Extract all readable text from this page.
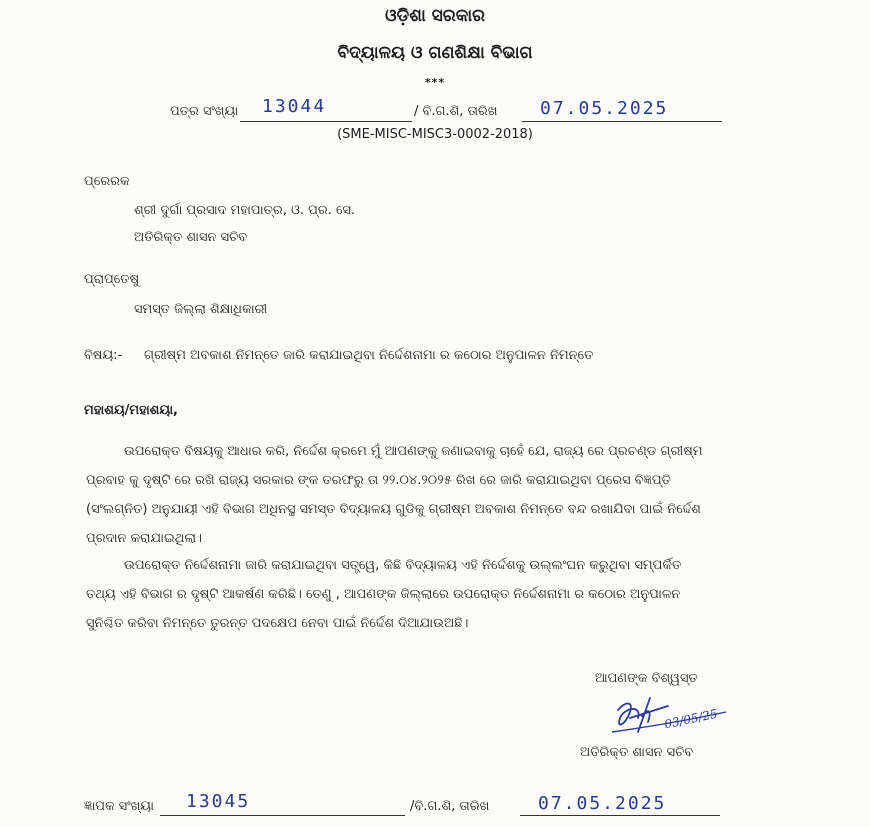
ଓଡ଼ିଶା ସରକାର
ବିଦ୍ୟାଳୟ ଓ ଗଣଶିକ୍ଷା ବିଭାଗ
***
ପତ୍ର ସଂଖ୍ୟା 13044	/ ବି.ଗ.ଶି, ତାରିଖ 07.05.2025
(SME-MISC-MISC3-0002-2018)
ପ୍ରେରକ
ଶ୍ରୀ ଦୁର୍ଗା ପ୍ରସାଦ ମହାପାତ୍ର, ଓ. ପ୍ର. ସେ.
ଅତିରିକ୍ତ ଶାସନ ସଚିବ
ପ୍ରାପ୍ତେଷୁ
ସମସ୍ତ ଜିଲ୍ଲା ଶିକ୍ଷାଧିକାରୀ
ବିଷୟ:- ଗ୍ରୀଷ୍ମ ଅବକାଶ ନିମନ୍ତେ ଜାରି କରାଯାଇଥିବା ନିର୍ଦ୍ଦେଶନାମା ର କଠୋର ଅନୁପାଳନ ନିମନ୍ତେ
ମହାଶୟ/ମହାଶୟା,
ଉପରୋକ୍ତ ବିଷୟକୁ ଆଧାର କରି, ନିର୍ଦ୍ଦେଶ କ୍ରମେ ମୁଁ ଆପଣଙ୍କୁ ଜଣାଇବାକୁ ଚାହେଁ ଯେ, ରାଜ୍ୟ ରେ ପ୍ରଚଣ୍ଡ ଗ୍ରୀଷ୍ମ
ପ୍ରବାହ କୁ ଦୃଷ୍ଟି ରେ ରଖି ରାଜ୍ୟ ସରକାର ଙ୍କ ତରଫରୁ ତା ୨୨.୦୪.୨୦୨୫ ରିଖ ରେ ଜାରି କରାଯାଇଥିବା ପ୍ରେସ ବିଜ୍ଞପ୍ତି
(ସଂଲଗ୍ନିତ) ଅନୁଯାୟୀ ଏହି ବିଭାଗ ଅଧିନସ୍ଥ ସମସ୍ତ ବିଦ୍ୟାଳୟ ଗୁଡିକୁ ଗ୍ରୀଷ୍ମ ଅବକାଶ ନିମନ୍ତେ ବନ୍ଦ ରଖାଯିବା ପାଇଁ ନିର୍ଦ୍ଦେଶ
ପ୍ରଦାନ କରାଯାଇଥିଲା।
ଉପରୋକ୍ତ ନିର୍ଦ୍ଦେଶନାମା ଜାରି କରାଯାଇଥିବା ସତ୍ତ୍ୱେ, କିଛି ବିଦ୍ୟାଳୟ ଏହି ନିର୍ଦ୍ଦେଶକୁ ଉଲ୍ଲଂଘନ କରୁଥିବା ସମ୍ପର୍କିତ
ତଥ୍ୟ ଏହି ବିଭାଗ ର ଦୃଷ୍ଟି ଆକର୍ଷଣ କରିଛି। ତେଣୁ , ଆପଣଙ୍କ ଜିଲ୍ଲାରେ ଉପରୋକ୍ତ ନିର୍ଦ୍ଦେଶନାମା ର କଠୋର ଅନୁପାଳନ
ସୁନିଶ୍ଚିତ କରିବା ନିମନ୍ତେ ତୁରନ୍ତ ପଦକ୍ଷେପ ନେବା ପାଇଁ ନିର୍ଦ୍ଦେଶ ଦିଆଯାଉଅଛି।
ଆପଣଙ୍କ ବିଶ୍ୱସ୍ତ
03/05/25
ଅତିରିକ୍ତ ଶାସନ ସଚିବ
ଜ୍ଞାପକ ସଂଖ୍ୟା 13045	/ବି.ଗ.ଶି, ତାରିଖ	07.05.2025
